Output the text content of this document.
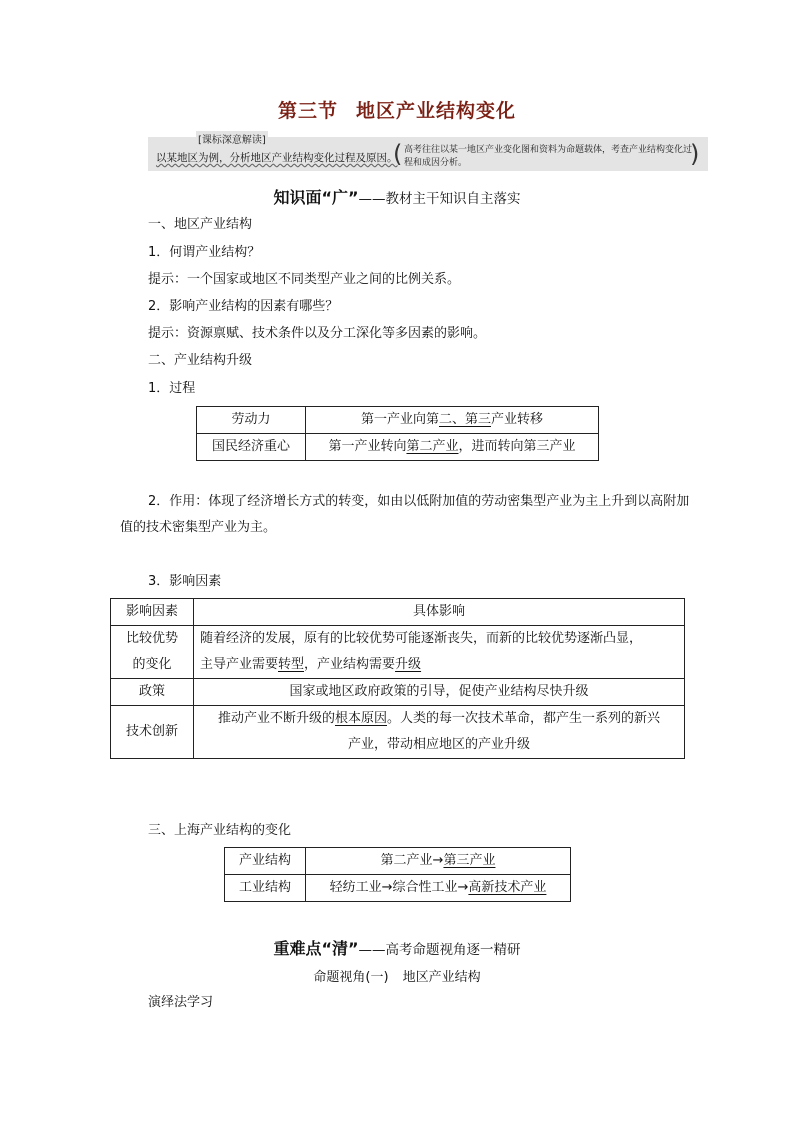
第三节 地区产业结构变化
[课标深意解读]
以某地区为例，分析地区产业结构变化过程及原因。
( 高考往往以某一地区产业变化图和资料为命题载体，考查产业结构变化过程和成因分析。	)
知识面“广”——教材主干知识自主落实
一、地区产业结构
1．何谓产业结构？
提示：一个国家或地区不同类型产业之间的比例关系。
2．影响产业结构的因素有哪些？
提示：资源禀赋、技术条件以及分工深化等多因素的影响。
二、产业结构升级
1．过程
劳动力	第一产业向第二、第三产业转移
国民经济重心	第一产业转向第二产业，进而转向第三产业
2．作用：体现了经济增长方式的转变，如由以低附加值的劳动密集型产业为主上升到以高附加值的技术密集型产业为主。
3．影响因素
影响因素	具体影响
比较优势
的变化	随着经济的发展，原有的比较优势可能逐渐丧失，而新的比较优势逐渐凸显，
主导产业需要转型，产业结构需要升级
政策	国家或地区政府政策的引导，促使产业结构尽快升级
技术创新	推动产业不断升级的根本原因。人类的每一次技术革命，都产生一系列的新兴
产业，带动相应地区的产业升级
三、上海产业结构的变化
产业结构	第二产业→第三产业
工业结构	轻纺工业→综合性工业→高新技术产业
重难点“清”——高考命题视角逐一精研
命题视角(一) 地区产业结构
演绎法学习
